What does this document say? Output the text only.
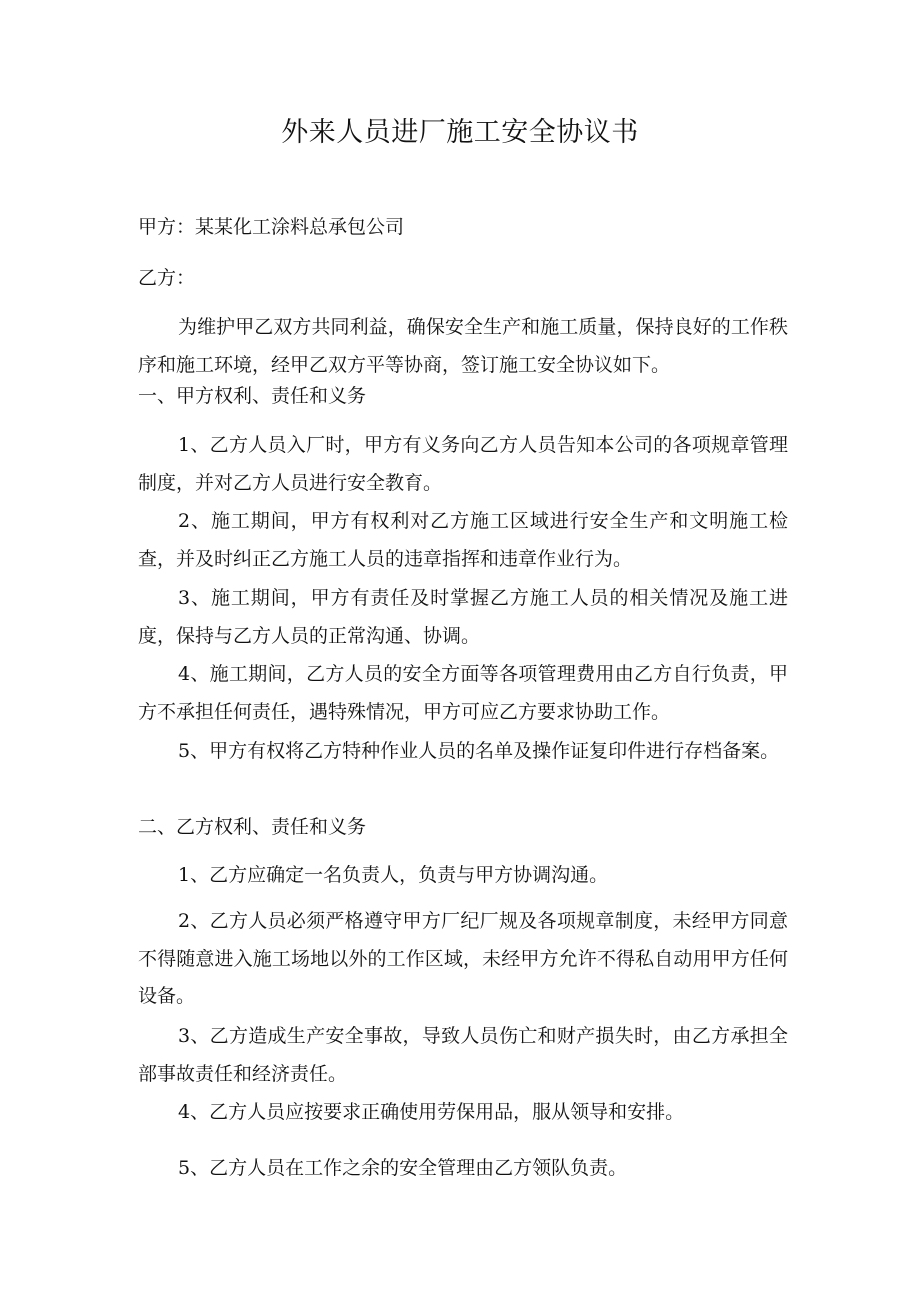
外来人员进厂施工安全协议书
甲方：某某化工涂料总承包公司
乙方：
为维护甲乙双方共同利益，确保安全生产和施工质量，保持良好的工作秩序和施工环境，经甲乙双方平等协商，签订施工安全协议如下。
一、甲方权利、责任和义务
1、乙方人员入厂时，甲方有义务向乙方人员告知本公司的各项规章管理制度，并对乙方人员进行安全教育。
2、施工期间，甲方有权利对乙方施工区域进行安全生产和文明施工检查，并及时纠正乙方施工人员的违章指挥和违章作业行为。
3、施工期间，甲方有责任及时掌握乙方施工人员的相关情况及施工进度，保持与乙方人员的正常沟通、协调。
4、施工期间，乙方人员的安全方面等各项管理费用由乙方自行负责，甲方不承担任何责任，遇特殊情况，甲方可应乙方要求协助工作。
5、甲方有权将乙方特种作业人员的名单及操作证复印件进行存档备案。
二、乙方权利、责任和义务
1、乙方应确定一名负责人，负责与甲方协调沟通。
2、乙方人员必须严格遵守甲方厂纪厂规及各项规章制度，未经甲方同意不得随意进入施工场地以外的工作区域，未经甲方允许不得私自动用甲方任何设备。
3、乙方造成生产安全事故，导致人员伤亡和财产损失时，由乙方承担全部事故责任和经济责任。
4、乙方人员应按要求正确使用劳保用品，服从领导和安排。
5、乙方人员在工作之余的安全管理由乙方领队负责。
